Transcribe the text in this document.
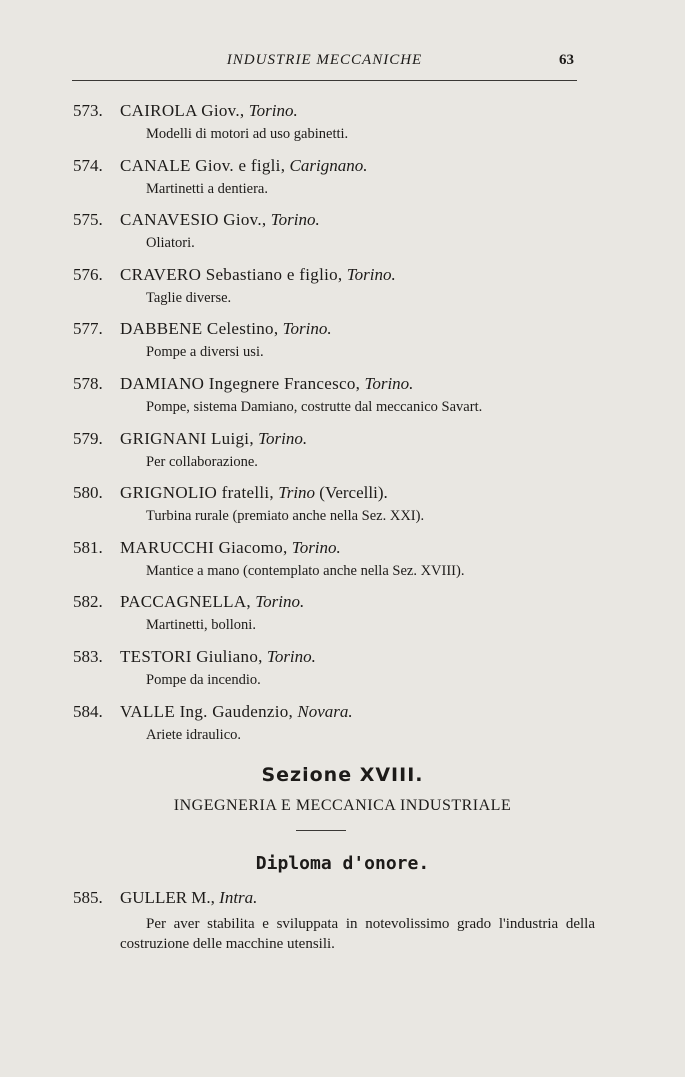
INDUSTRIE MECCANICHE	63
573. CAIROLA Giov., Torino.
Modelli di motori ad uso gabinetti.
574. CANALE Giov. e figli, Carignano.
Martinetti a dentiera.
575. CANAVESIO Giov., Torino.
Oliatori.
576. CRAVERO Sebastiano e figlio, Torino.
Taglie diverse.
577. DABBENE Celestino, Torino.
Pompe a diversi usi.
578. DAMIANO Ingegnere Francesco, Torino.
Pompe, sistema Damiano, costrutte dal meccanico Savart.
579. GRIGNANI Luigi, Torino.
Per collaborazione.
580. GRIGNOLIO fratelli, Trino (Vercelli).
Turbina rurale (premiato anche nella Sez. XXI).
581. MARUCCHI Giacomo, Torino.
Mantice a mano (contemplato anche nella Sez. XVIII).
582. PACCAGNELLA, Torino.
Martinetti, bolloni.
583. TESTORI Giuliano, Torino.
Pompe da incendio.
584. VALLE Ing. Gaudenzio, Novara.
Ariete idraulico.
Sezione XVIII.
INGEGNERIA E MECCANICA INDUSTRIALE
Diploma d'onore.
585. GULLER M., Intra.
Per aver stabilita e sviluppata in notevolissimo grado l'industria della costruzione delle macchine utensili.
